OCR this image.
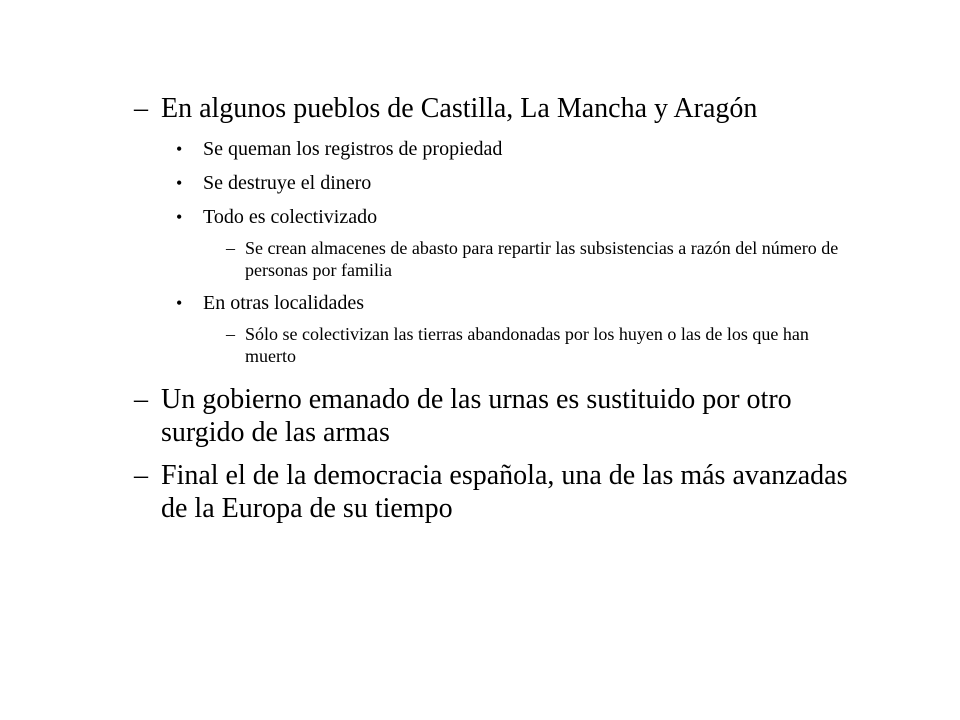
– En algunos pueblos de Castilla, La Mancha y Aragón
• Se queman los registros de propiedad
• Se destruye el dinero
• Todo es colectivizado
– Se crean almacenes de abasto para repartir las subsistencias a razón del número de personas por familia
• En otras localidades
– Sólo se colectivizan las tierras abandonadas por los huyen o las de los que han muerto
– Un gobierno emanado de las urnas es sustituido por otro surgido de las armas
– Final el de la democracia española, una de las más avanzadas de la Europa de su tiempo
